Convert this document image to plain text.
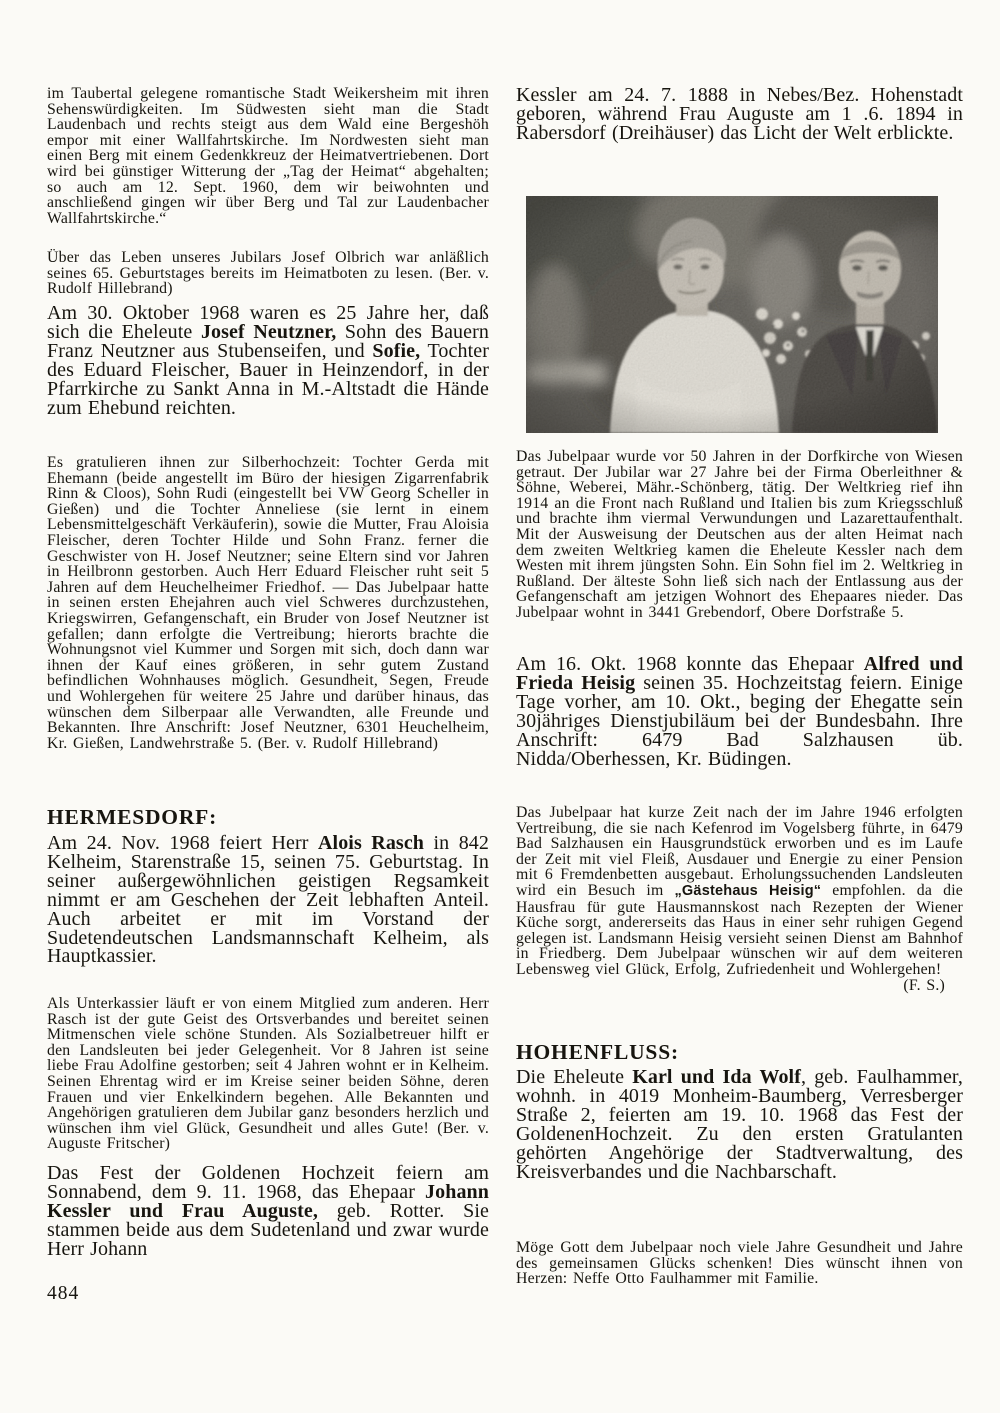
im Taubertal gelegene romantische Stadt Weikersheim mit ihren Sehenswürdigkeiten. Im Südwesten sieht man die Stadt Laudenbach und rechts steigt aus dem Wald eine Bergeshöh empor mit einer Wallfahrtskirche. Im Nordwesten sieht man einen Berg mit einem Gedenkkreuz der Heimatvertriebenen. Dort wird bei günstiger Witterung der „Tag der Heimat“ abgehalten; so auch am 12. Sept. 1960, dem wir beiwohnten und anschließend gingen wir über Berg und Tal zur Laudenbacher Wallfahrtskirche.“

Über das Leben unseres Jubilars Josef Olbrich war anläßlich seines 65. Geburtstages bereits im Heimatboten zu lesen. (Ber. v. Rudolf Hillebrand)

Am 30. Oktober 1968 waren es 25 Jahre her, daß sich die Eheleute Josef Neutzner, Sohn des Bauern Franz Neutzner aus Stubenseifen, und Sofie, Tochter des Eduard Fleischer, Bauer in Heinzendorf, in der Pfarrkirche zu Sankt Anna in M.-Altstadt die Hände zum Ehebund reichten.

Es gratulieren ihnen zur Silberhochzeit: Tochter Gerda mit Ehemann (beide angestellt im Büro der hiesigen Zigarrenfabrik Rinn & Cloos), Sohn Rudi (eingestellt bei VW Georg Scheller in Gießen) und die Tochter Anneliese (sie lernt in einem Lebensmittelgeschäft Verkäuferin), sowie die Mutter, Frau Aloisia Fleischer, deren Tochter Hilde und Sohn Franz. ferner die Geschwister von H. Josef Neutzner; seine Eltern sind vor Jahren in Heilbronn gestorben. Auch Herr Eduard Fleischer ruht seit 5 Jahren auf dem Heuchelheimer Friedhof. — Das Jubelpaar hatte in seinen ersten Ehejahren auch viel Schweres durchzustehen, Kriegswirren, Gefangenschaft, ein Bruder von Josef Neutzner ist gefallen; dann erfolgte die Vertreibung; hierorts brachte die Wohnungsnot viel Kummer und Sorgen mit sich, doch dann war ihnen der Kauf eines größeren, in sehr gutem Zustand befindlichen Wohnhauses möglich. Gesundheit, Segen, Freude und Wohlergehen für weitere 25 Jahre und darüber hinaus, das wünschen dem Silberpaar alle Verwandten, alle Freunde und Bekannten. Ihre Anschrift: Josef Neutzner, 6301 Heuchelheim, Kr. Gießen, Landwehrstraße 5. (Ber. v. Rudolf Hillebrand)

HERMESDORF:

Am 24. Nov. 1968 feiert Herr Alois Rasch in 842 Kelheim, Starenstraße 15, seinen 75. Geburtstag. In seiner außergewöhnlichen geistigen Regsamkeit nimmt er am Geschehen der Zeit lebhaften Anteil. Auch arbeitet er mit im Vorstand der Sudetendeutschen Landsmannschaft Kelheim, als Hauptkassier.

Als Unterkassier läuft er von einem Mitglied zum anderen. Herr Rasch ist der gute Geist des Ortsverbandes und bereitet seinen Mitmenschen viele schöne Stunden. Als Sozialbetreuer hilft er den Landsleuten bei jeder Gelegenheit. Vor 8 Jahren ist seine liebe Frau Adolfine gestorben; seit 4 Jahren wohnt er in Kelheim. Seinen Ehrentag wird er im Kreise seiner beiden Söhne, deren Frauen und vier Enkelkindern begehen. Alle Bekannten und Angehörigen gratulieren dem Jubilar ganz besonders herzlich und wünschen ihm viel Glück, Gesundheit und alles Gute! (Ber. v. Auguste Fritscher)

Das Fest der Goldenen Hochzeit feiern am Sonnabend, dem 9. 11. 1968, das Ehepaar Johann Kessler und Frau Auguste, geb. Rotter. Sie stammen beide aus dem Sudetenland und zwar wurde Herr Johann

Kessler am 24. 7. 1888 in Nebes/Bez. Hohenstadt geboren, während Frau Auguste am 1 .6. 1894 in Rabersdorf (Dreihäuser) das Licht der Welt erblickte.

Das Jubelpaar wurde vor 50 Jahren in der Dorfkirche von Wiesen getraut. Der Jubilar war 27 Jahre bei der Firma Oberleithner & Söhne, Weberei, Mähr.-Schönberg, tätig. Der Weltkrieg rief ihn 1914 an die Front nach Rußland und Italien bis zum Kriegsschluß und brachte ihm viermal Verwundungen und Lazarettaufenthalt. Mit der Ausweisung der Deutschen aus der alten Heimat nach dem zweiten Weltkrieg kamen die Eheleute Kessler nach dem Westen mit ihrem jüngsten Sohn. Ein Sohn fiel im 2. Weltkrieg in Rußland. Der älteste Sohn ließ sich nach der Entlassung aus der Gefangenschaft am jetzigen Wohnort des Ehepaares nieder. Das Jubelpaar wohnt in 3441 Grebendorf, Obere Dorfstraße 5.

Am 16. Okt. 1968 konnte das Ehepaar Alfred und Frieda Heisig seinen 35. Hochzeitstag feiern. Einige Tage vorher, am 10. Okt., beging der Ehegatte sein 30jähriges Dienstjubiläum bei der Bundesbahn. Ihre Anschrift: 6479 Bad Salzhausen üb. Nidda/Oberhessen, Kr. Büdingen.

Das Jubelpaar hat kurze Zeit nach der im Jahre 1946 erfolgten Vertreibung, die sie nach Kefenrod im Vogelsberg führte, in 6479 Bad Salzhausen ein Hausgrundstück erworben und es im Laufe der Zeit mit viel Fleiß, Ausdauer und Energie zu einer Pension mit 6 Fremdenbetten ausgebaut. Erholungssuchenden Landsleuten wird ein Besuch im „Gästehaus Heisig“ empfohlen. da die Hausfrau für gute Hausmannskost nach Rezepten der Wiener Küche sorgt, andererseits das Haus in einer sehr ruhigen Gegend gelegen ist. Landsmann Heisig versieht seinen Dienst am Bahnhof in Friedberg. Dem Jubelpaar wünschen wir auf dem weiteren Lebensweg viel Glück, Erfolg, Zufriedenheit und Wohlergehen!
(F. S.)

HOHENFLUSS:

Die Eheleute Karl und Ida Wolf, geb. Faulhammer, wohnh. in 4019 Monheim-Baumberg, Verresberger Straße 2, feierten am 19. 10. 1968 das Fest der GoldenenHochzeit. Zu den ersten Gratulanten gehörten Angehörige der Stadtverwaltung, des Kreisverbandes und die Nachbarschaft.

Möge Gott dem Jubelpaar noch viele Jahre Gesundheit und Jahre des gemeinsamen Glücks schenken! Dies wünscht ihnen von Herzen: Neffe Otto Faulhammer mit Familie.

484
